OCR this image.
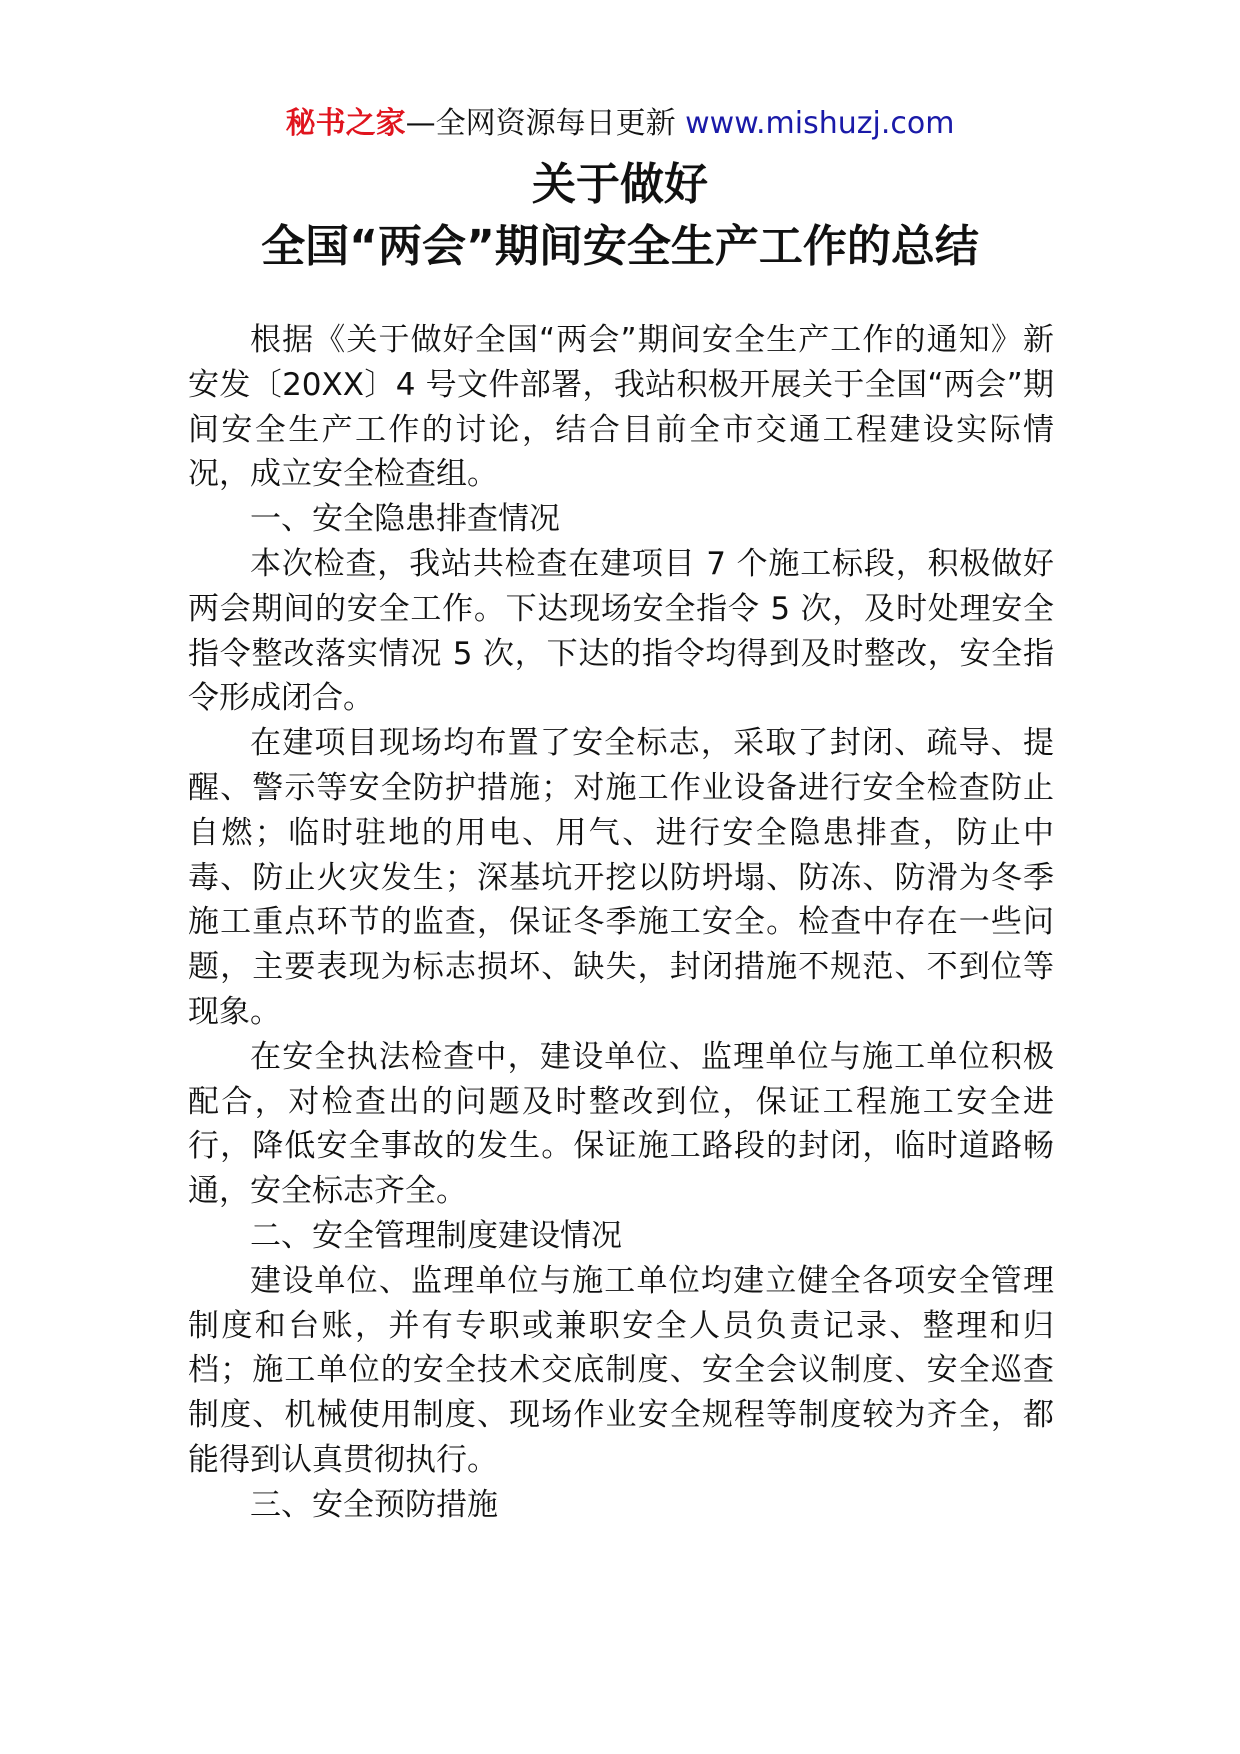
秘书之家—全网资源每日更新 www.mishuzj.com
关于做好
全国“两会”期间安全生产工作的总结

根据《关于做好全国“两会”期间安全生产工作的通知》新安发〔20XX〕4 号文件部署，我站积极开展关于全国“两会”期间安全生产工作的讨论，结合目前全市交通工程建设实际情况，成立安全检查组。

一、安全隐患排查情况

本次检查，我站共检查在建项目 7 个施工标段，积极做好两会期间的安全工作。下达现场安全指令 5 次，及时处理安全指令整改落实情况 5 次，下达的指令均得到及时整改，安全指令形成闭合。

在建项目现场均布置了安全标志，采取了封闭、疏导、提醒、警示等安全防护措施；对施工作业设备进行安全检查防止自燃；临时驻地的用电、用气、进行安全隐患排查，防止中毒、防止火灾发生；深基坑开挖以防坍塌、防冻、防滑为冬季施工重点环节的监查，保证冬季施工安全。检查中存在一些问题，主要表现为标志损坏、缺失，封闭措施不规范、不到位等现象。

在安全执法检查中，建设单位、监理单位与施工单位积极配合，对检查出的问题及时整改到位，保证工程施工安全进行，降低安全事故的发生。保证施工路段的封闭，临时道路畅通，安全标志齐全。

二、安全管理制度建设情况

建设单位、监理单位与施工单位均建立健全各项安全管理制度和台账，并有专职或兼职安全人员负责记录、整理和归档；施工单位的安全技术交底制度、安全会议制度、安全巡查制度、机械使用制度、现场作业安全规程等制度较为齐全，都能得到认真贯彻执行。

三、安全预防措施
